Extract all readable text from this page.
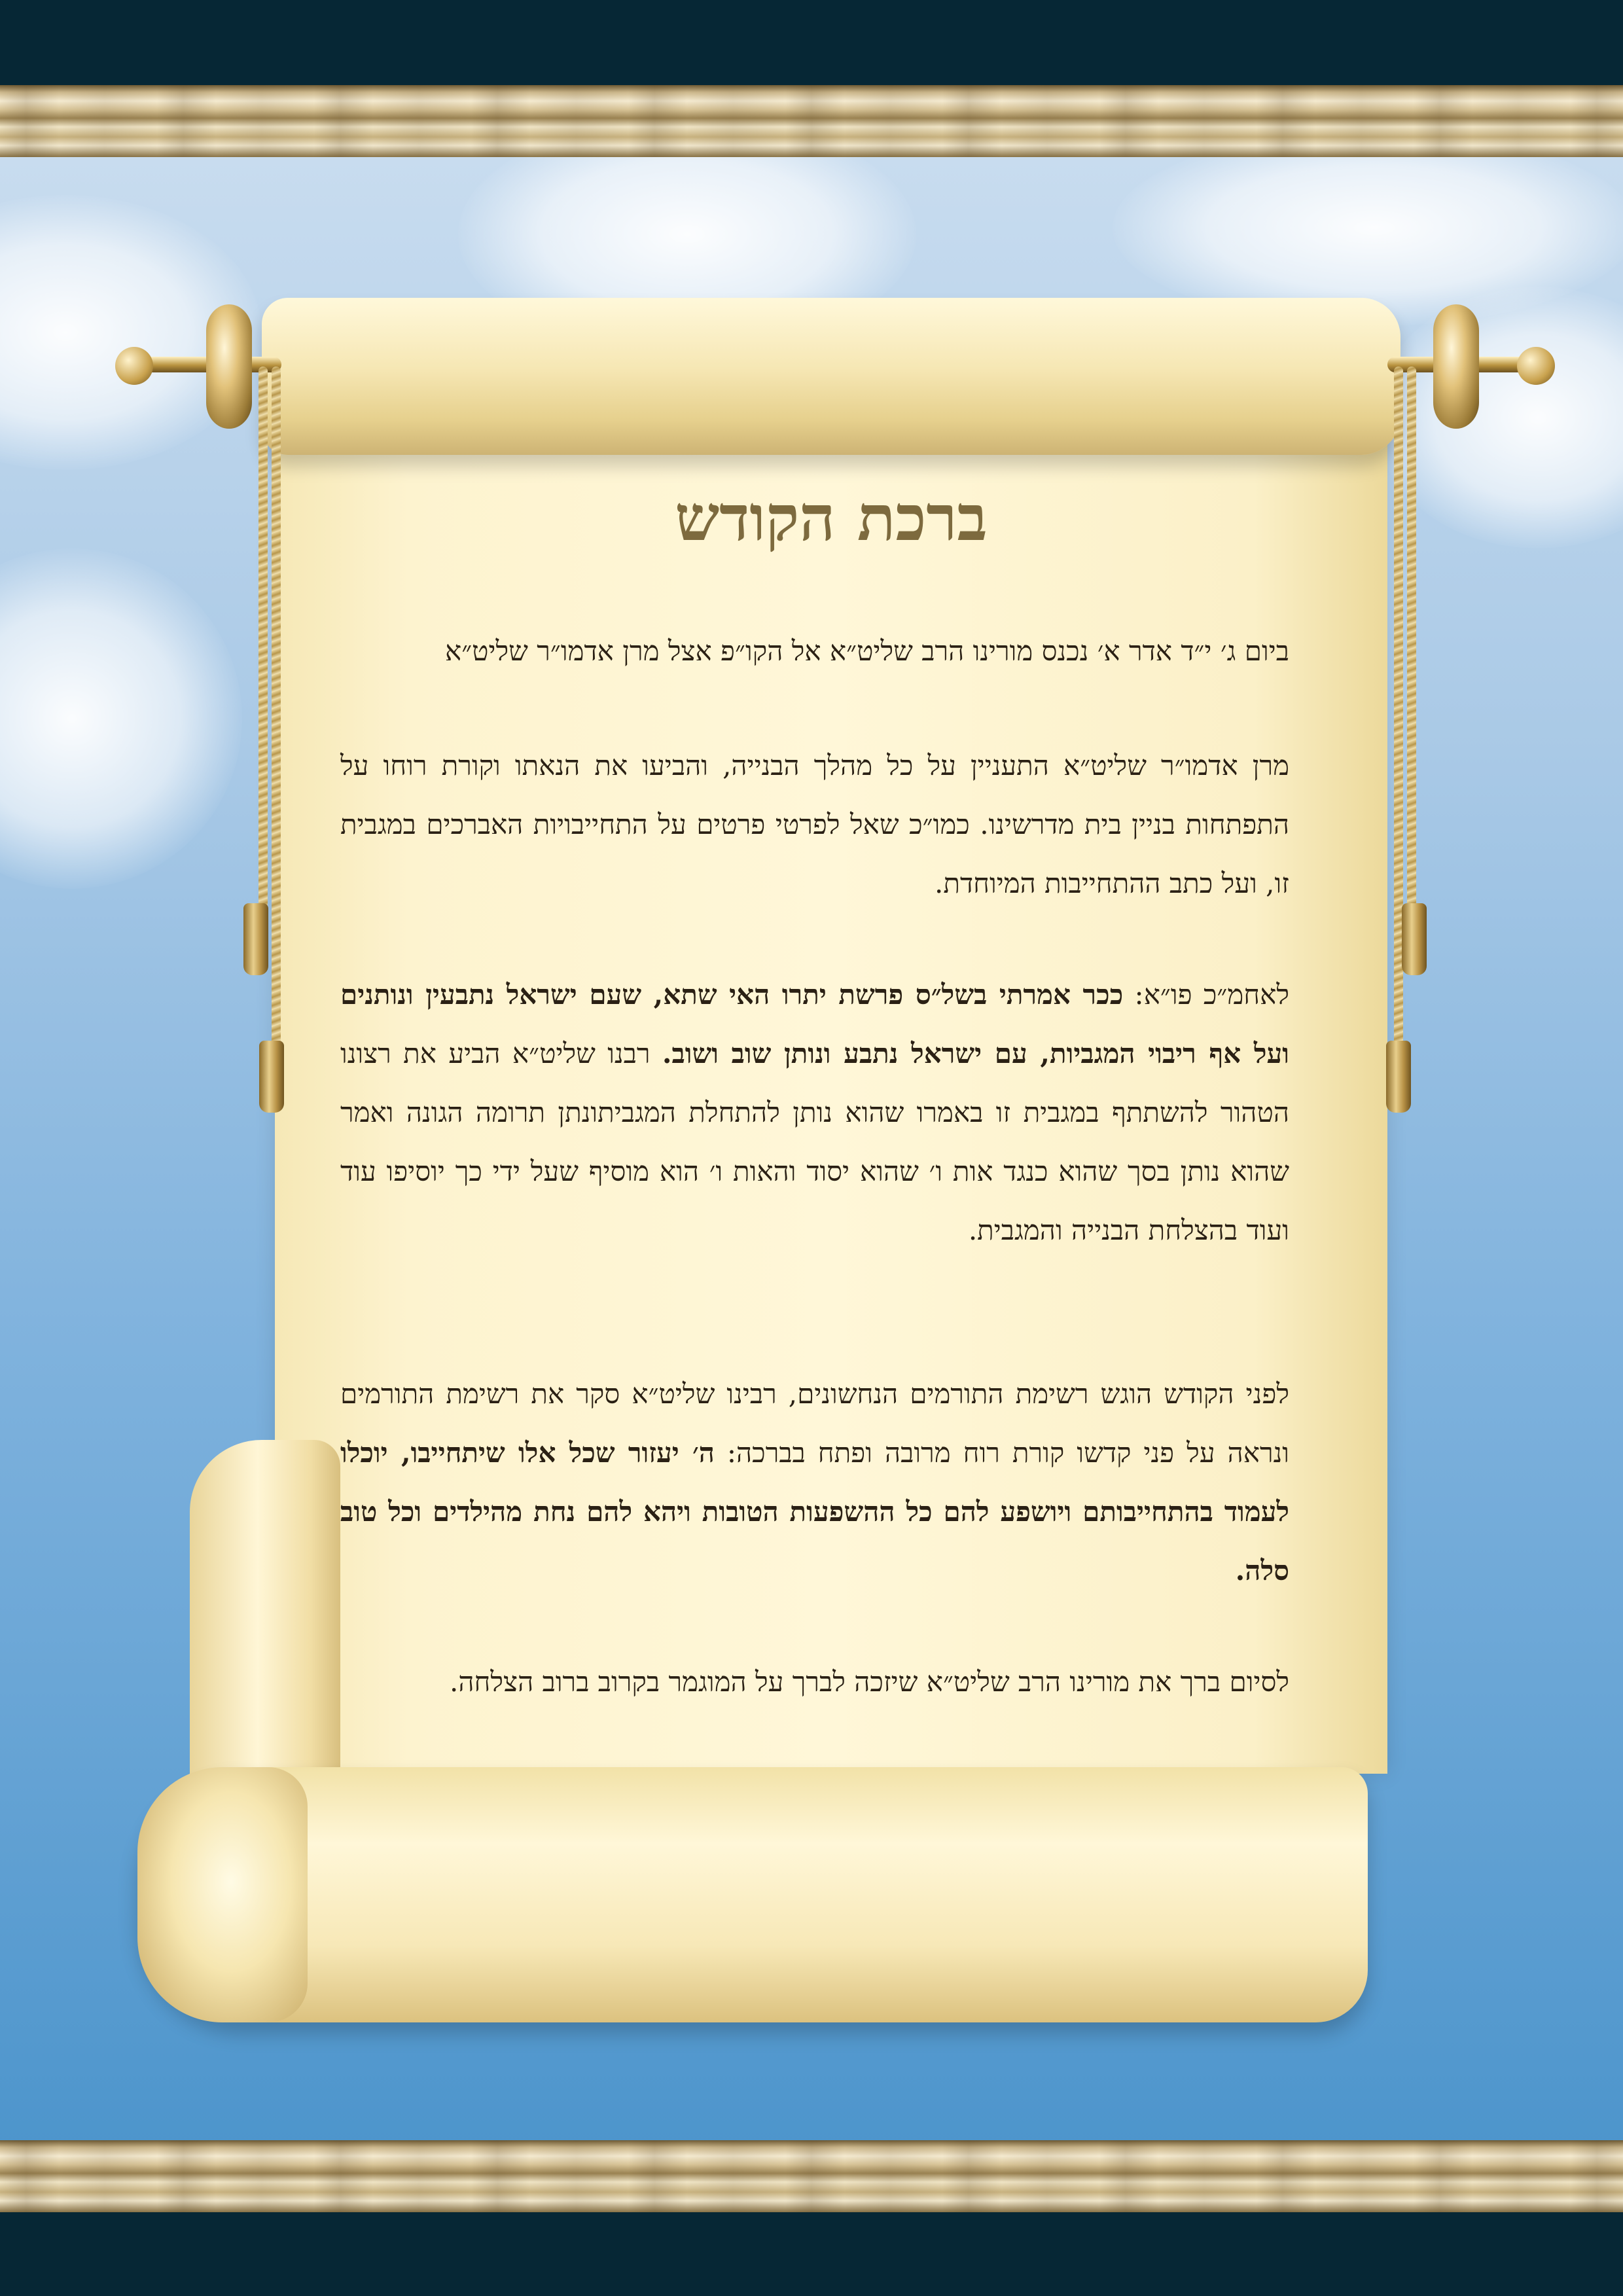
ברכת הקודש
ביום ג׳ י״ד אדר א׳ נכנס מורינו הרב שליט״א אל הקו״פ אצל מרן אדמו״ר שליט״א
מרן אדמו״ר שליט״א התעניין על כל מהלך הבנייה, והביעו את הנאתו וקורת רוחו על התפתחות בניין בית מדרשינו. כמו״כ שאל לפרטי פרטים על התחייבויות האברכים במגבית זו, ועל כתב ההתחייבות המיוחדת.
לאחמ״כ פו״א: ככר אמרתי בשל״ס פרשת יתרו האי שתא, שעם ישראל נתבעין ונותנים ועל אף ריבוי המגביות, עם ישראל נתבע ונותן שוב ושוב. רבנו שליט״א הביע את רצונו הטהור להשתתף במגבית זו באמרו שהוא נותן להתחלת המגביתונתן תרומה הגונה ואמר שהוא נותן בסך שהוא כנגד אות ו׳ שהוא יסוד והאות ו׳ הוא מוסיף שעל ידי כך יוסיפו עוד ועוד בהצלחת הבנייה והמגבית.
לפני הקודש הוגש רשימת התורמים הנחשונים, רבינו שליט״א סקר את רשימת התורמים ונראה על פני קדשו קורת רוח מרובה ופתח בברכה: ה׳ יעזור שכל אלו שיתחייבו, יוכלו לעמוד בהתחייבותם ויושפע להם כל ההשפעות הטובות ויהא להם נחת מהילדים וכל טוב סלה.
לסיום ברך את מורינו הרב שליט״א שיזכה לברך על המוגמר בקרוב ברוב הצלחה.
